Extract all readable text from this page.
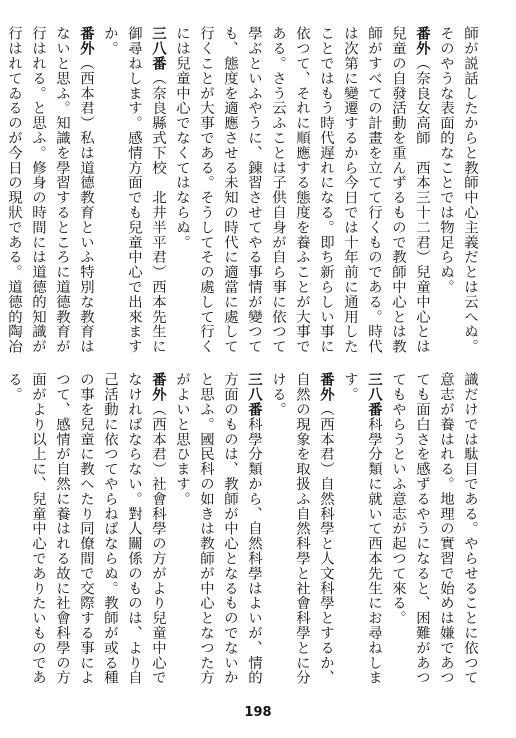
師が説話したからと教師中心主義だとは云へぬ。そのやうな表面的なことでは物足らぬ。

番外（奈良女高師　西本三十二君）兒童中心とは兒童の自發活動を重んずるもので教師中心とは教師がすべての計畫を立てて行くものである。時代は次第に變遷するから今日では十年前に通用したことではもう時代遅れになる。即ち新らしい事に依つて、それに順應する態度を養ふことが大事である。さう云ふことは子供自身が自ら事に依つて學ぶといふやうに、錬習させてやる事情が變つても、態度を適應させる未知の時代に適當に處して行くことが大事である。そうしてその處して行くには兒童中心でなくてはならぬ。

三八番（奈良縣式下校　北井半平君）西本先生に御尋ねします。感情方面でも兒童中心で出來ますか。

番外（西本君）私は道德教育といふ特別な教育はないと思ふ。知識を學習するところに道德教育が行はれる。と思ふ。修身の時間には道德的知識が行はれてゐるのが今日の現狀である。道德的陶冶

識だけでは駄目である。やらせることに依つて意志が養はれる。地理の實習で始めは嫌であつても面白さを感ずるやうになると、困難があつてもやらうといふ意志が起つて來る。

三八番科學分類に就いて西本先生にお尋ねします。

番外（西本君）自然科學と人文科學とするか、自然の現象を取扱ふ自然科學と社會科學とに分ける。

三八番科學分類から、自然科學はよいが、情的方面のものは、教師が中心となるものでないかと思ふ。國民科の如きは教師が中心となつた方がよいと思ひます。

番外（西本君）社會科學の方がより兒童中心でなければならない。對人關係のものは、より自己活動に依つてやらねばならぬ。教師が或る種の事を兒童に教へたり同僚間で交際する事によつて、感情が自然に養はれる故に社會科學の方面がより以上に、兒童中心でありたいものである。

198
